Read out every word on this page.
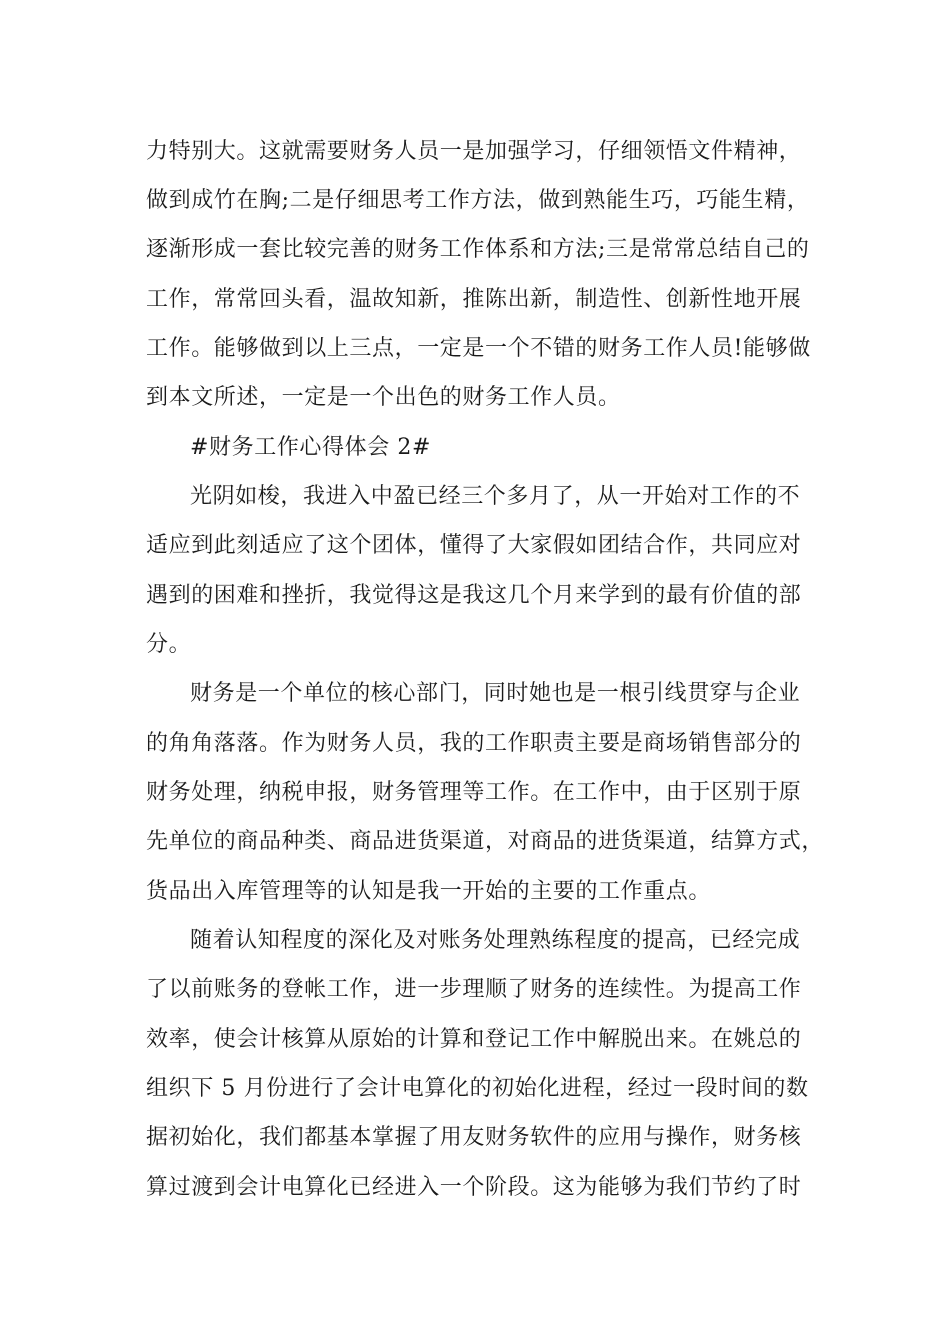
力特别大。这就需要财务人员一是加强学习，仔细领悟文件精神，
做到成竹在胸;二是仔细思考工作方法，做到熟能生巧，巧能生精，
逐渐形成一套比较完善的财务工作体系和方法;三是常常总结自己的
工作，常常回头看，温故知新，推陈出新，制造性、创新性地开展
工作。能够做到以上三点，一定是一个不错的财务工作人员!能够做
到本文所述，一定是一个出色的财务工作人员。
#财务工作心得体会 2#
光阴如梭，我进入中盈已经三个多月了，从一开始对工作的不
适应到此刻适应了这个团体，懂得了大家假如团结合作，共同应对
遇到的困难和挫折，我觉得这是我这几个月来学到的最有价值的部
分。
财务是一个单位的核心部门，同时她也是一根引线贯穿与企业
的角角落落。作为财务人员，我的工作职责主要是商场销售部分的
财务处理，纳税申报，财务管理等工作。在工作中，由于区别于原
先单位的商品种类、商品进货渠道，对商品的进货渠道，结算方式，
货品出入库管理等的认知是我一开始的主要的工作重点。
随着认知程度的深化及对账务处理熟练程度的提高，已经完成
了以前账务的登帐工作，进一步理顺了财务的连续性。为提高工作
效率，使会计核算从原始的计算和登记工作中解脱出来。在姚总的
组织下 5 月份进行了会计电算化的初始化进程，经过一段时间的数
据初始化，我们都基本掌握了用友财务软件的应用与操作，财务核
算过渡到会计电算化已经进入一个阶段。这为能够为我们节约了时
